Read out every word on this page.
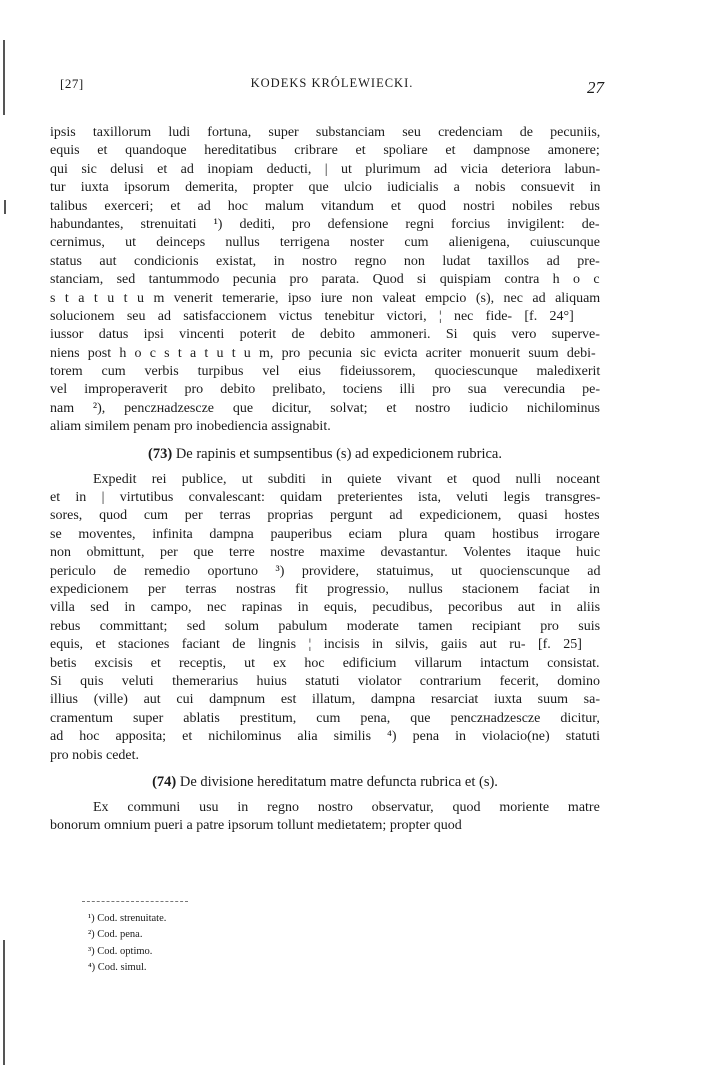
[27]	KODEKS KRÓLEWIECKI.	27
ipsis taxillorum ludi fortuna, super substanciam seu credenciam de pecuniis,
equis et quandoque hereditatibus cribrare et spoliare et dampnose amonere;
qui sic delusi et ad inopiam deducti, | ut plurimum ad vicia deteriora labun-
tur iuxta ipsorum demerita, propter que ulcio iudicialis a nobis consuevit in
talibus exerceri; et ad hoc malum vitandum et quod nostri nobiles rebus
habundantes, strenuitati ¹) dediti, pro defensione regni forcius invigilent: de-
cernimus, ut deinceps nullus terrigena noster cum alienigena, cuiuscunque
status aut condicionis existat, in nostro regno non ludat taxillos ad pre-
stanciam, sed tantummodo pecunia pro parata. Quod si quispiam contra h o c
s t a t u t u m venerit temerarie, ipso iure non valeat empcio (s), nec ad aliquam
solucionem seu ad satisfaccionem victus tenebitur victori, ¦ nec fide- [f. 24°]
iussor datus ipsi vincenti poterit de debito ammoneri. Si quis vero superve-
niens post h o c s t a t u t u m, pro pecunia sic evicta acriter monuerit suum debi-
torem cum verbis turpibus vel eius fideiussorem, quociescunque maledixerit
vel improperaverit pro debito prelibato, tociens illi pro sua verecundia pe-
nam ²), penczнadzescze que dicitur, solvat; et nostro iudicio nichilominus
aliam similem penam pro inobediencia assignabit.
(73) De rapinis et sumpsentibus (s) ad expedicionem rubrica.
Expedit rei publice, ut subditi in quiete vivant et quod nulli noceant
et in | virtutibus convalescant: quidam preterientes ista, veluti legis transgres-
sores, quod cum per terras proprias pergunt ad expedicionem, quasi hostes
se moventes, infinita dampna pauperibus eciam plura quam hostibus irrogare
non obmittunt, per que terre nostre maxime devastantur. Volentes itaque huic
periculo de remedio oportuno ³) providere, statuimus, ut quocienscunque ad
expedicionem per terras nostras fit progressio, nullus stacionem faciat in
villa sed in campo, nec rapinas in equis, pecudibus, pecoribus aut in aliis
rebus committant; sed solum pabulum moderate tamen recipiant pro suis
equis, et staciones faciant de lingnis ¦ incisis in silvis, gaiis aut ru- [f. 25]
betis excisis et receptis, ut ex hoc edificium villarum intactum consistat.
Si quis veluti themerarius huius statuti violator contrarium fecerit, domino
illius (ville) aut cui dampnum est illatum, dampna resarciat iuxta suum sa-
cramentum super ablatis prestitum, cum pena, que penczнadzescze dicitur,
ad hoc apposita; et nichilominus alia similis ⁴) pena in violacio(ne) statuti
pro nobis cedet.
(74) De divisione hereditatum matre defuncta rubrica et (s).
Ex communi usu in regno nostro observatur, quod moriente matre
bonorum omnium pueri a patre ipsorum tollunt medietatem; propter quod
¹) Cod. strenuitate.
²) Cod. pena.
³) Cod. optimo.
⁴) Cod. simul.
